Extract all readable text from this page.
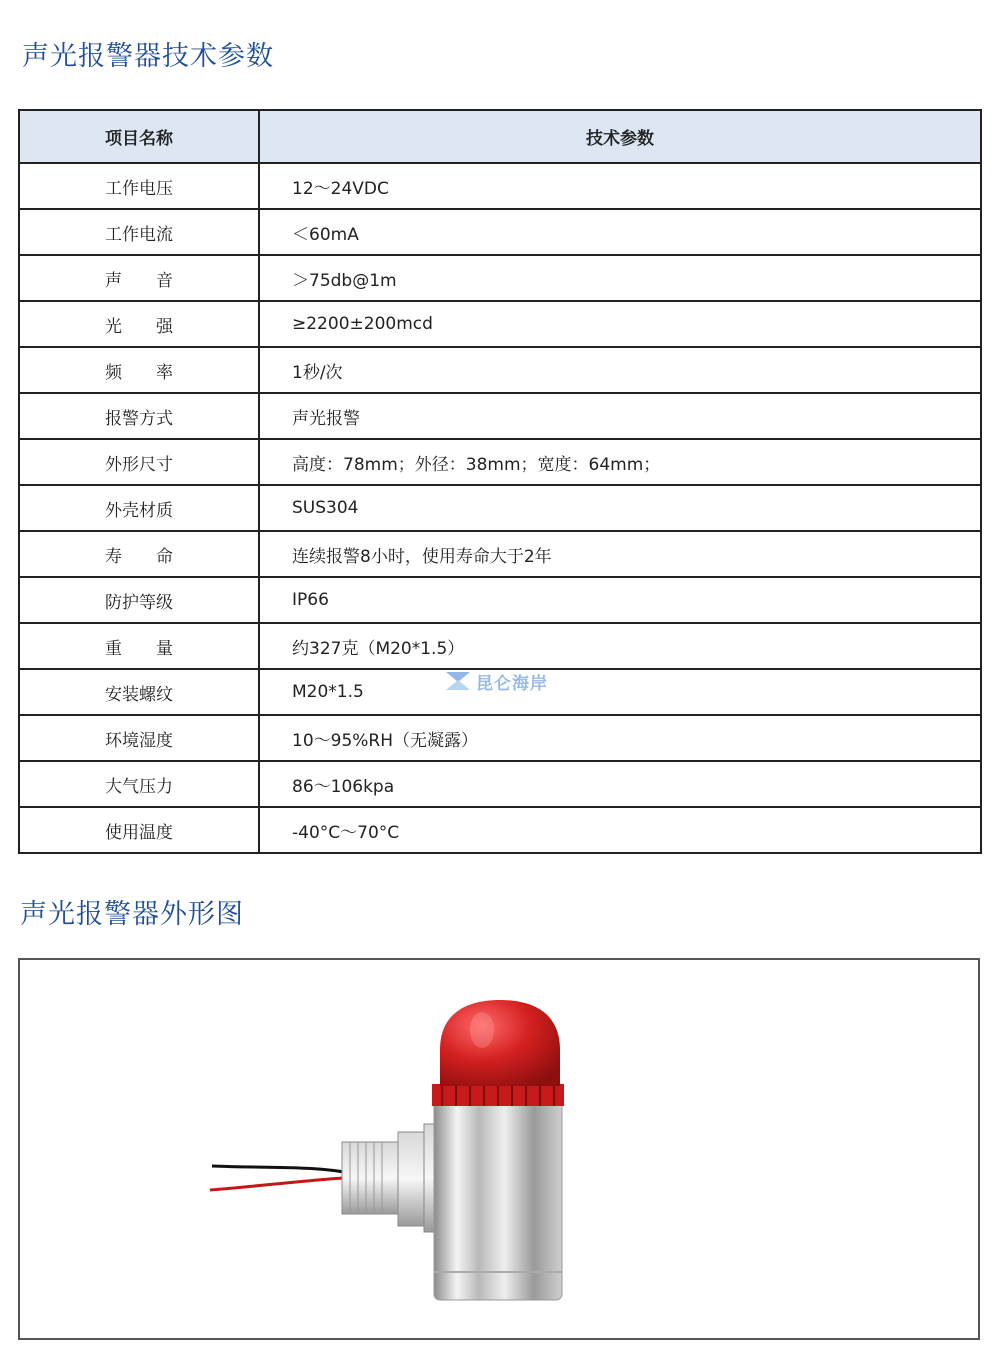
声光报警器技术参数
项目名称	技术参数
工作电压	12～24VDC
工作电流	＜60mA
声　　音	＞75db@1m
光　　强	≥2200±200mcd
频　　率	1秒/次
报警方式	声光报警
外形尺寸	高度：78mm；外径：38mm；宽度：64mm；
外壳材质	SUS304
寿　　命	连续报警8小时，使用寿命大于2年
防护等级	IP66
重　　量	约327克（M20*1.5）
安装螺纹	M20*1.5
环境湿度	10～95%RH（无凝露）
大气压力	86～106kpa
使用温度	-40°C～70°C
昆仑海岸
声光报警器外形图
